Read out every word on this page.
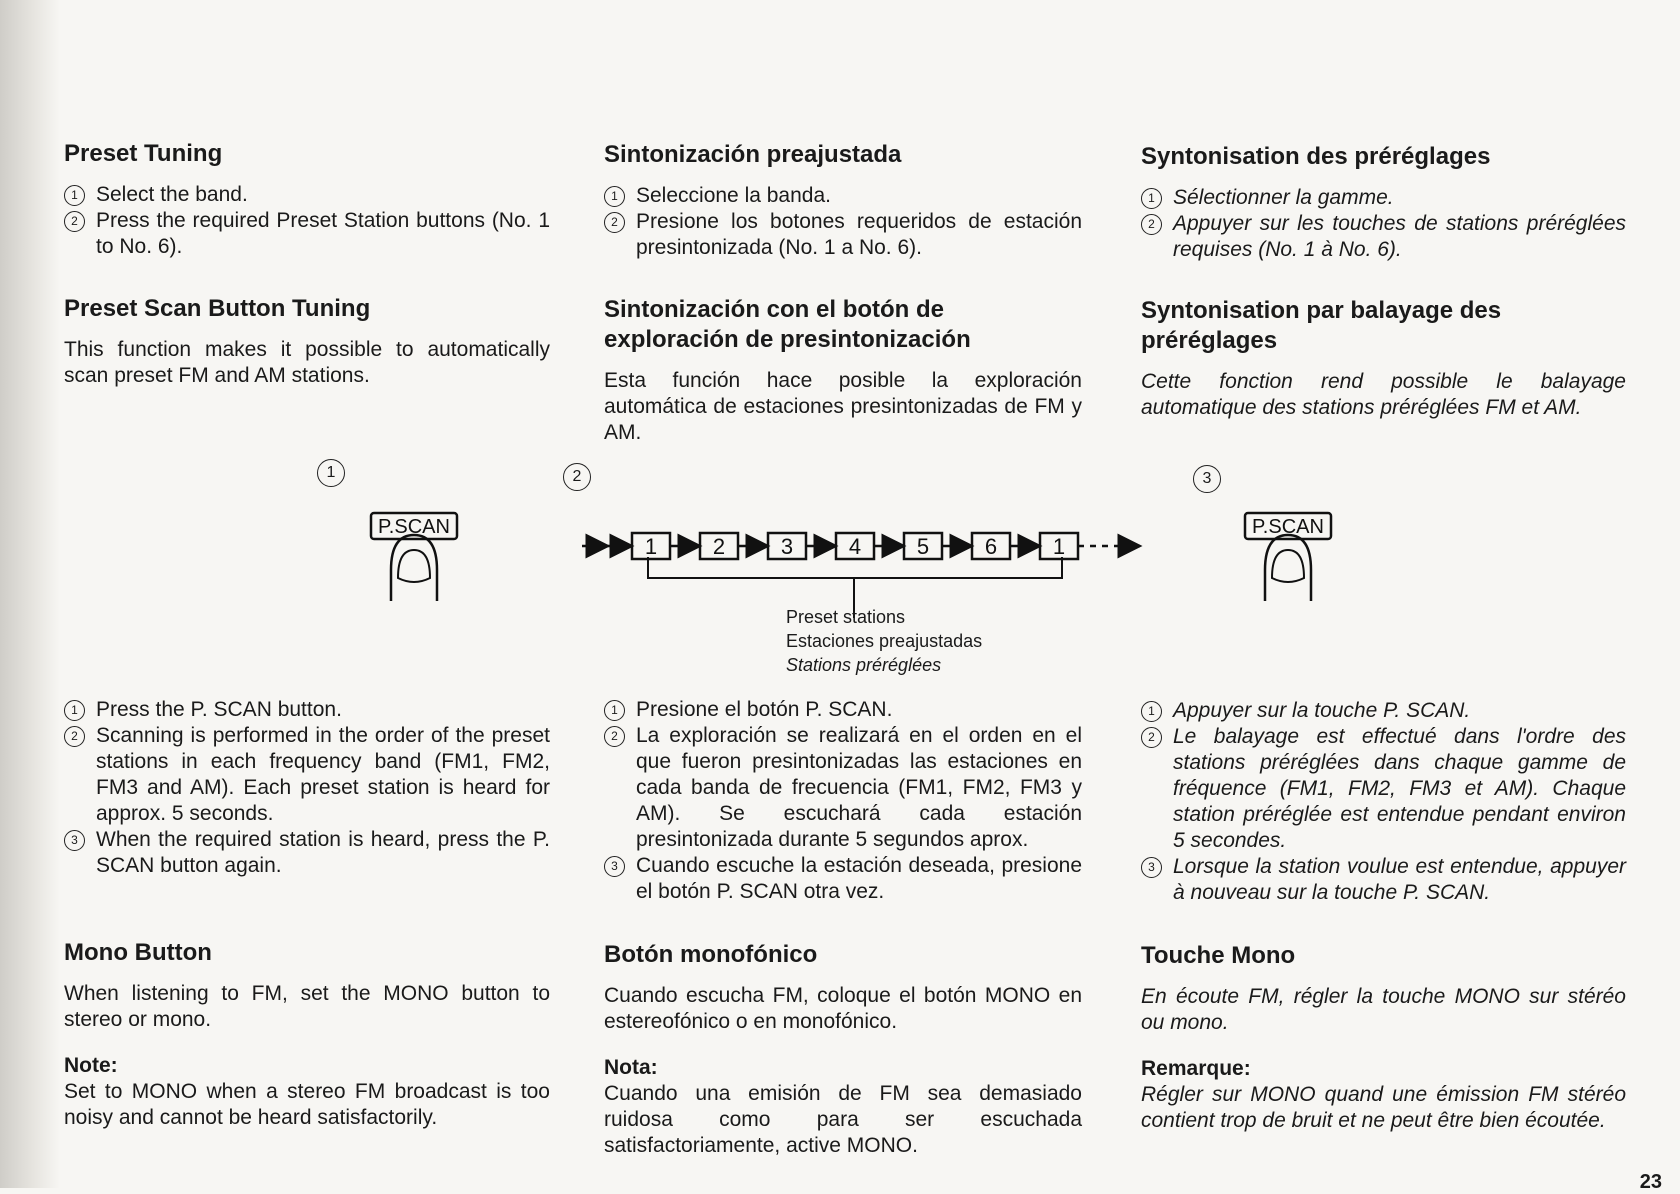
Preset Tuning
1 Select the band.
2 Press the required Preset Station buttons (No. 1 to No. 6).
Preset Scan Button Tuning
This function makes it possible to automatically scan preset FM and AM stations.
1 Press the P. SCAN button.
2 Scanning is performed in the order of the preset stations in each frequency band (FM1, FM2, FM3 and AM). Each preset station is heard for approx. 5 seconds.
3 When the required station is heard, press the P. SCAN button again.
Mono Button
When listening to FM, set the MONO button to stereo or mono.
Note:
Set to MONO when a stereo FM broadcast is too noisy and cannot be heard satisfactorily.
Sintonización preajustada
1 Seleccione la banda.
2 Presione los botones requeridos de estación presintonizada (No. 1 a No. 6).
Sintonización con el botón de
exploración de presintonización
Esta función hace posible la exploración automática de estaciones presintonizadas de FM y AM.
1 Presione el botón P. SCAN.
2 La exploración se realizará en el orden en el que fueron presintonizadas las estaciones en cada banda de frecuencia (FM1, FM2, FM3 y AM). Se escuchará cada estación presintonizada durante 5 segundos aprox.
3 Cuando escuche la estación deseada, presione el botón P. SCAN otra vez.
Botón monofónico
Cuando escucha FM, coloque el botón MONO en estereofónico o en monofónico.
Nota:
Cuando una emisión de FM sea demasiado ruidosa como para ser escuchada satisfactoriamente, active MONO.
Syntonisation des préréglages
1 Sélectionner la gamme.
2 Appuyer sur les touches de stations préréglées requises (No. 1 à No. 6).
Syntonisation par balayage des
préréglages
Cette fonction rend possible le balayage automatique des stations préréglées FM et AM.
1 Appuyer sur la touche P. SCAN.
2 Le balayage est effectué dans l'ordre des stations préréglées dans chaque gamme de fréquence (FM1, FM2, FM3 et AM). Chaque station préréglée est entendue pendant environ 5 secondes.
3 Lorsque la station voulue est entendue, appuyer à nouveau sur la touche P. SCAN.
Touche Mono
En écoute FM, régler la touche MONO sur stéréo ou mono.
Remarque:
Régler sur MONO quand une émission FM stéréo contient trop de bruit et ne peut être bien écoutée.
1	2	3
P.SCAN	P.SCAN
1	2	3	4	5	6	1
Preset stations
Estaciones preajustadas
Stations préréglées
23
